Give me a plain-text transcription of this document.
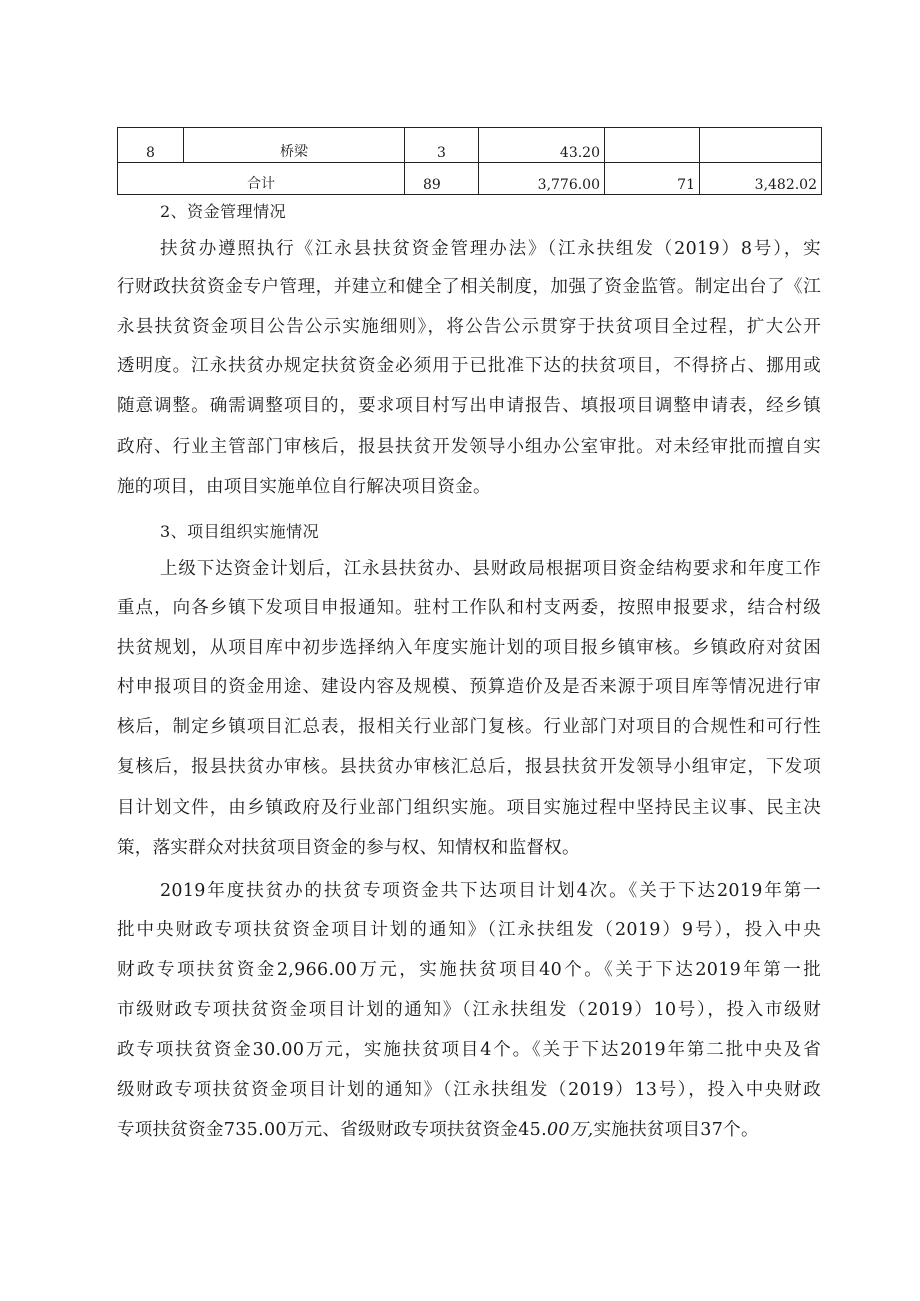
8	桥梁	3	43.20		
合计		89	3,776.00	71	3,482.02
2、资金管理情况
扶贫办遵照执行《江永县扶贫资金管理办法》（江永扶组发（2019）8号），实
行财政扶贫资金专户管理，并建立和健全了相关制度，加强了资金监管。制定出台了《江
永县扶贫资金项目公告公示实施细则》，将公告公示贯穿于扶贫项目全过程，扩大公开
透明度。江永扶贫办规定扶贫资金必须用于已批准下达的扶贫项目，不得挤占、挪用或
随意调整。确需调整项目的，要求项目村写出申请报告、填报项目调整申请表，经乡镇
政府、行业主管部门审核后，报县扶贫开发领导小组办公室审批。对未经审批而擅自实
施的项目，由项目实施单位自行解决项目资金。
3、项目组织实施情况
上级下达资金计划后，江永县扶贫办、县财政局根据项目资金结构要求和年度工作
重点，向各乡镇下发项目申报通知。驻村工作队和村支两委，按照申报要求，结合村级
扶贫规划，从项目库中初步选择纳入年度实施计划的项目报乡镇审核。乡镇政府对贫困
村申报项目的资金用途、建设内容及规模、预算造价及是否来源于项目库等情况进行审
核后，制定乡镇项目汇总表，报相关行业部门复核。行业部门对项目的合规性和可行性
复核后，报县扶贫办审核。县扶贫办审核汇总后，报县扶贫开发领导小组审定，下发项
目计划文件，由乡镇政府及行业部门组织实施。项目实施过程中坚持民主议事、民主决
策，落实群众对扶贫项目资金的参与权、知情权和监督权。
2019年度扶贫办的扶贫专项资金共下达项目计划4次。《关于下达2019年第一
批中央财政专项扶贫资金项目计划的通知》（江永扶组发（2019）9号），投入中央
财政专项扶贫资金2,966.00万元，实施扶贫项目40个。《关于下达2019年第一批
市级财政专项扶贫资金项目计划的通知》（江永扶组发（2019）10号），投入市级财
政专项扶贫资金30.00万元，实施扶贫项目4个。《关于下达2019年第二批中央及省
级财政专项扶贫资金项目计划的通知》（江永扶组发（2019）13号），投入中央财政
专项扶贫资金735.00万元、省级财政专项扶贫资金45.00万,实施扶贫项目37个。
